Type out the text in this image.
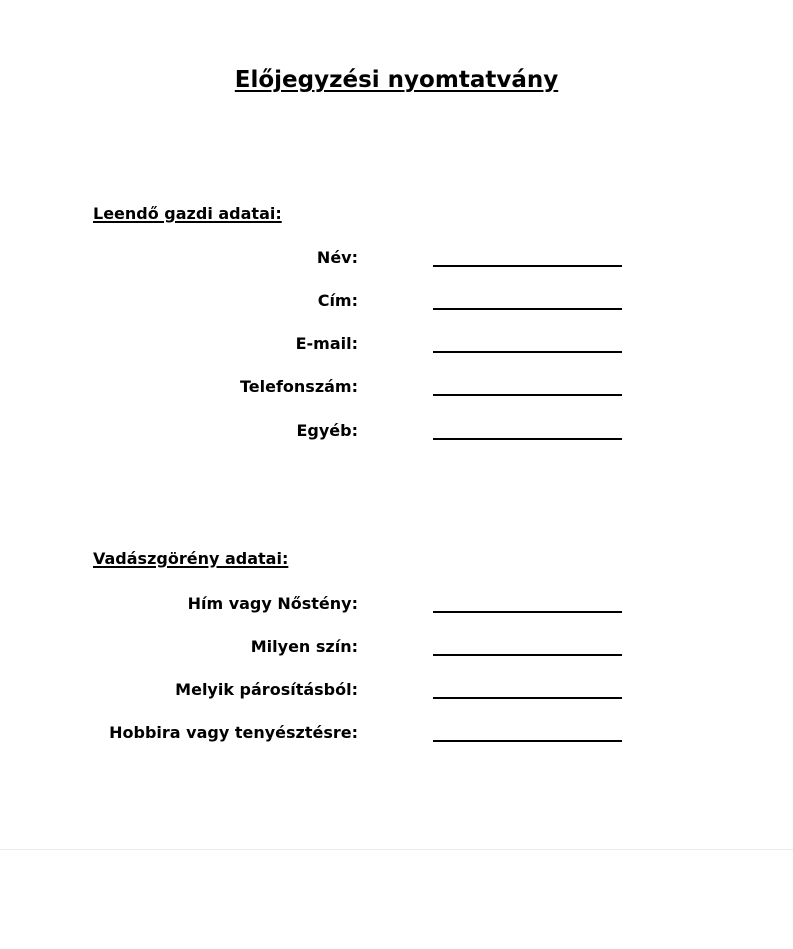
Előjegyzési nyomtatvány
Leendő gazdi adatai:
Név:
Cím:
E-mail:
Telefonszám:
Egyéb:
Vadászgörény adatai:
Hím vagy Nőstény:
Milyen szín:
Melyik párosításból:
Hobbira vagy tenyésztésre:
